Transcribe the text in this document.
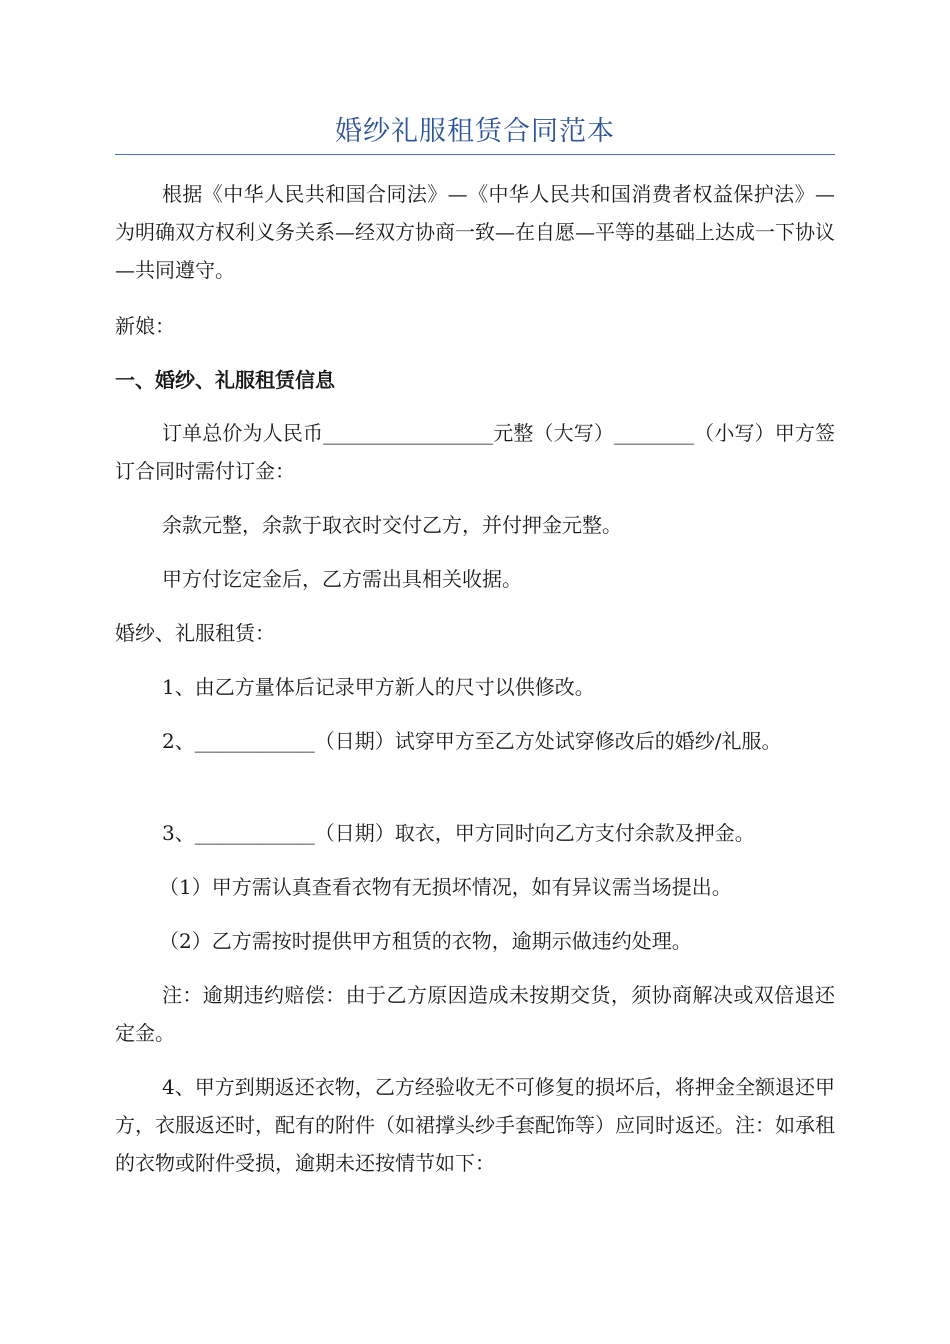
婚纱礼服租赁合同范本

根据《中华人民共和国合同法》—《中华人民共和国消费者权益保护法》—为明确双方权利义务关系—经双方协商一致—在自愿—平等的基础上达成一下协议—共同遵守。

新娘：

一、婚纱、礼服租赁信息

订单总价为人民币_________________元整（大写）________（小写）甲方签订合同时需付订金：

余款元整，余款于取衣时交付乙方，并付押金元整。

甲方付讫定金后，乙方需出具相关收据。

婚纱、礼服租赁：

1、由乙方量体后记录甲方新人的尺寸以供修改。

2、____________（日期）试穿甲方至乙方处试穿修改后的婚纱/礼服。

3、____________（日期）取衣，甲方同时向乙方支付余款及押金。

（1）甲方需认真查看衣物有无损坏情况，如有异议需当场提出。

（2）乙方需按时提供甲方租赁的衣物，逾期示做违约处理。

注：逾期违约赔偿：由于乙方原因造成未按期交货，须协商解决或双倍退还定金。

4、甲方到期返还衣物，乙方经验收无不可修复的损坏后，将押金全额退还甲方，衣服返还时，配有的附件（如裙撑头纱手套配饰等）应同时返还。注：如承租的衣物或附件受损，逾期未还按情节如下：
